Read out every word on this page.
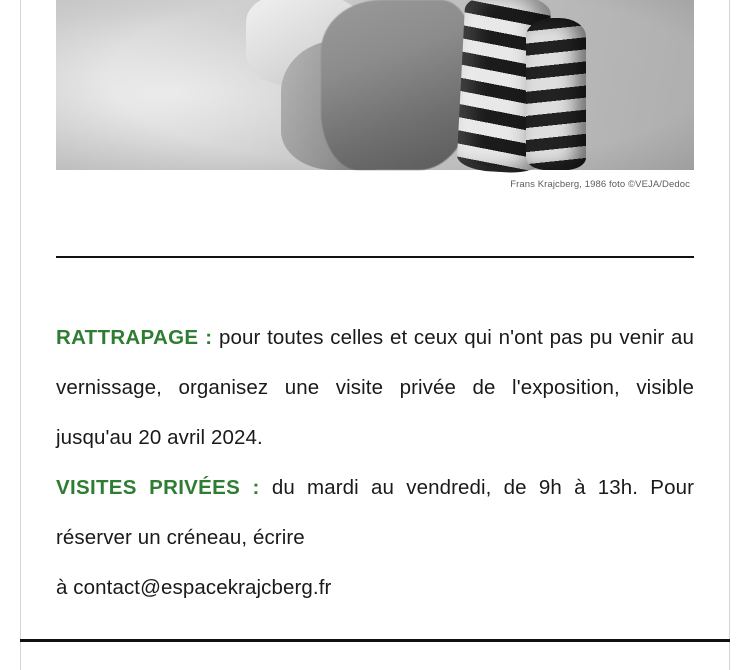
Frans Krajcberg, 1986 foto ©VEJA/Dedoc

RATTRAPAGE : pour toutes celles et ceux qui n'ont pas pu venir au vernissage, organisez une visite privée de l'exposition, visible jusqu'au 20 avril 2024.

VISITES PRIVÉES : du mardi au vendredi, de 9h à 13h. Pour réserver un créneau, écrire

à contact@espacekrajcberg.fr
